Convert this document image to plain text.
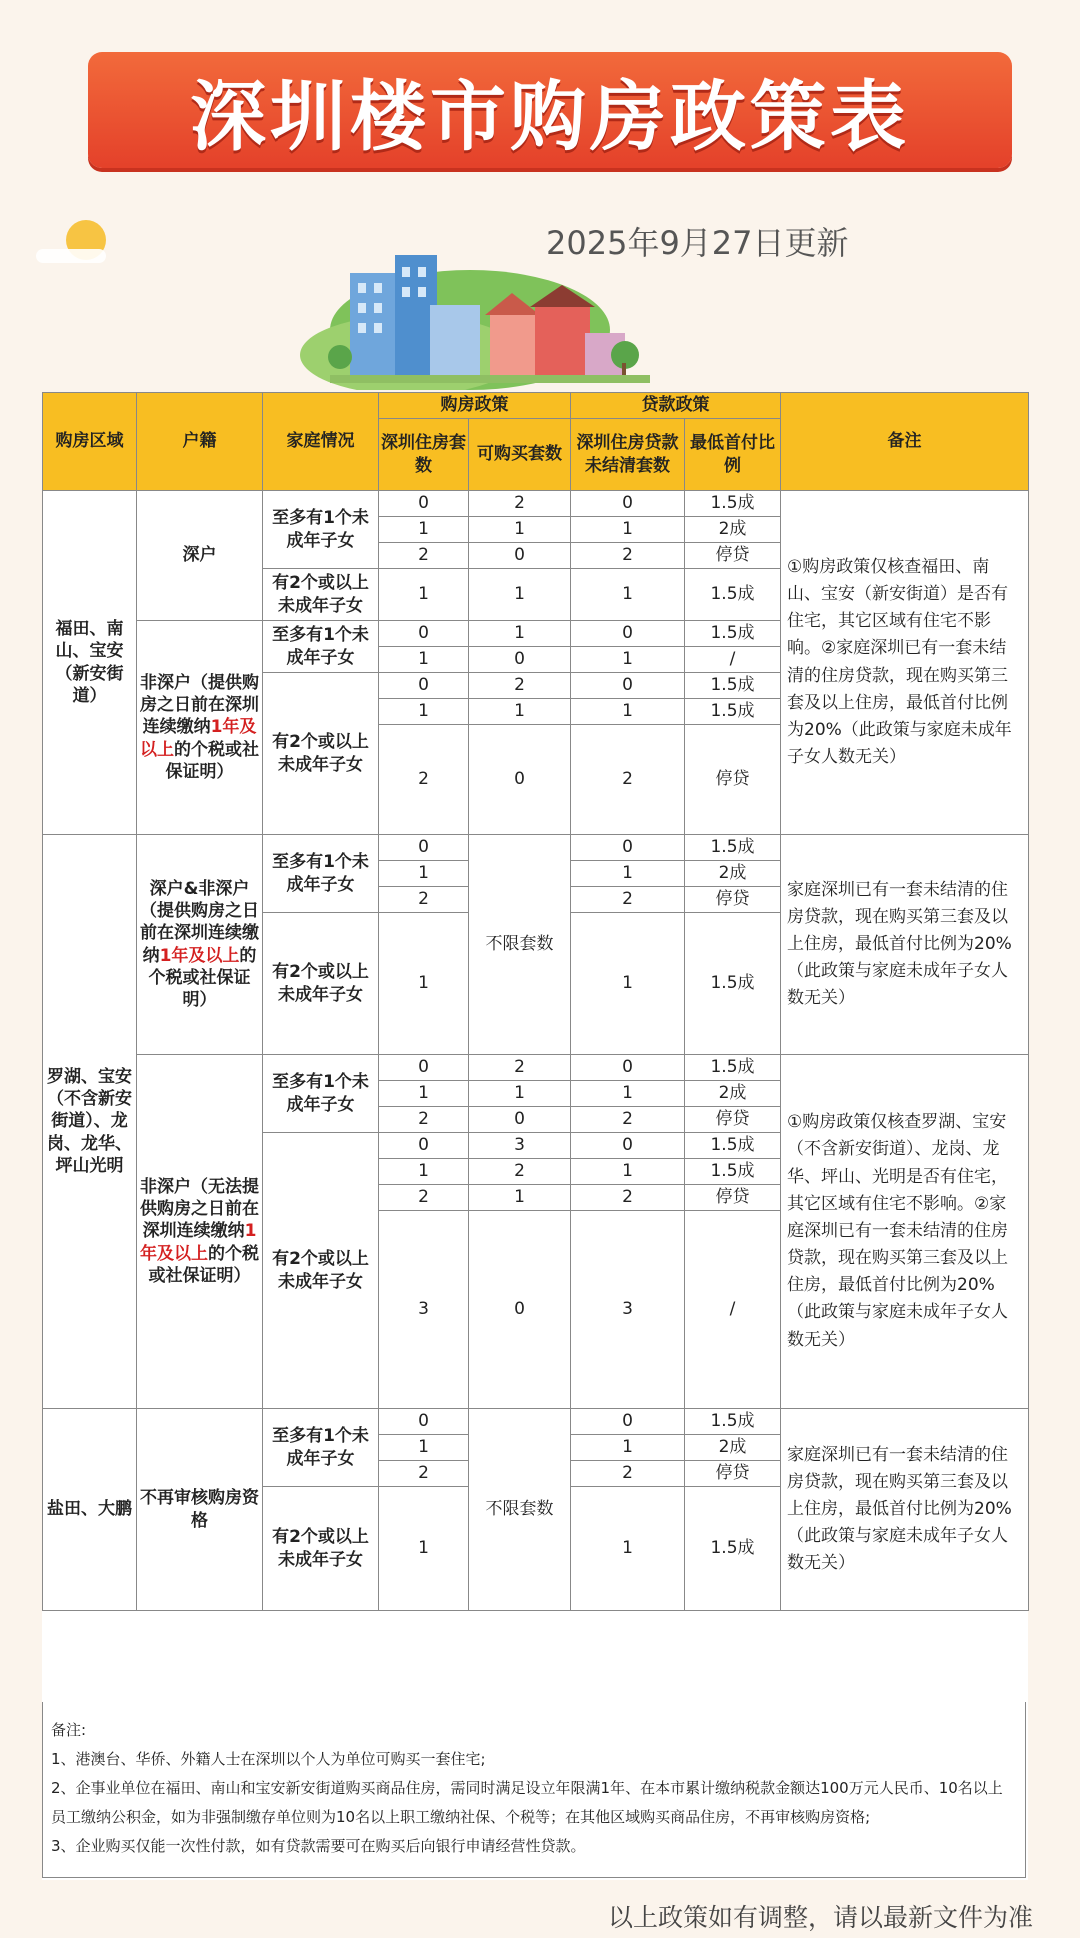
深圳楼市购房政策表
2025年9月27日更新
购房区域	户籍	家庭情况	购房政策		贷款政策		备注
			深圳住房套数	可购买套数	深圳住房贷款未结清套数	最低首付比例	
福田、南山、宝安（新安街道）	深户	至多有1个未成年子女	0	2	0	1.5成	①购房政策仅核查福田、南山、宝安（新安街道）是否有住宅，其它区域有住宅不影响。②家庭深圳已有一套未结清的住房贷款，现在购买第三套及以上住房，最低首付比例为20%（此政策与家庭未成年子女人数无关）
			1	1	1	2成	
			2	0	2	停贷	
		有2个或以上未成年子女	1	1	1	1.5成	
	非深户（提供购房之日前在深圳连续缴纳1年及以上的个税或社保证明）	至多有1个未成年子女	0	1	0	1.5成	
			1	0	1	/	
		有2个或以上未成年子女	0	2	0	1.5成	
			1	1	1	1.5成	
			2	0	2	停贷	
罗湖、宝安（不含新安街道）、龙岗、龙华、坪山光明	深户&非深户（提供购房之日前在深圳连续缴纳1年及以上的个税或社保证明）	至多有1个未成年子女	0	不限套数	0	1.5成	家庭深圳已有一套未结清的住房贷款，现在购买第三套及以上住房，最低首付比例为20%（此政策与家庭未成年子女人数无关）
			1		1	2成	
			2		2	停贷	
		有2个或以上未成年子女	1		1	1.5成	
	非深户（无法提供购房之日前在深圳连续缴纳1年及以上的个税或社保证明）	至多有1个未成年子女	0	2	0	1.5成	①购房政策仅核查罗湖、宝安（不含新安街道）、龙岗、龙华、坪山、光明是否有住宅，其它区域有住宅不影响。②家庭深圳已有一套未结清的住房贷款，现在购买第三套及以上住房，最低首付比例为20%（此政策与家庭未成年子女人数无关）
			1	1	1	2成	
			2	0	2	停贷	
		有2个或以上未成年子女	0	3	0	1.5成	
			1	2	1	1.5成	
			2	1	2	停贷	
			3	0	3	/	
盐田、大鹏	不再审核购房资格	至多有1个未成年子女	0	不限套数	0	1.5成	家庭深圳已有一套未结清的住房贷款，现在购买第三套及以上住房，最低首付比例为20%（此政策与家庭未成年子女人数无关）
			1		1	2成	
			2		2	停贷	
		有2个或以上未成年子女	1		1	1.5成	
备注:
1、港澳台、华侨、外籍人士在深圳以个人为单位可购买一套住宅;
2、企事业单位在福田、南山和宝安新安街道购买商品住房，需同时满足设立年限满1年、在本市累计缴纳税款金额达100万元人民币、10名以上员工缴纳公积金，如为非强制缴存单位则为10名以上职工缴纳社保、个税等；在其他区域购买商品住房，不再审核购房资格;
3、企业购买仅能一次性付款，如有贷款需要可在购买后向银行申请经营性贷款。
以上政策如有调整，请以最新文件为准
